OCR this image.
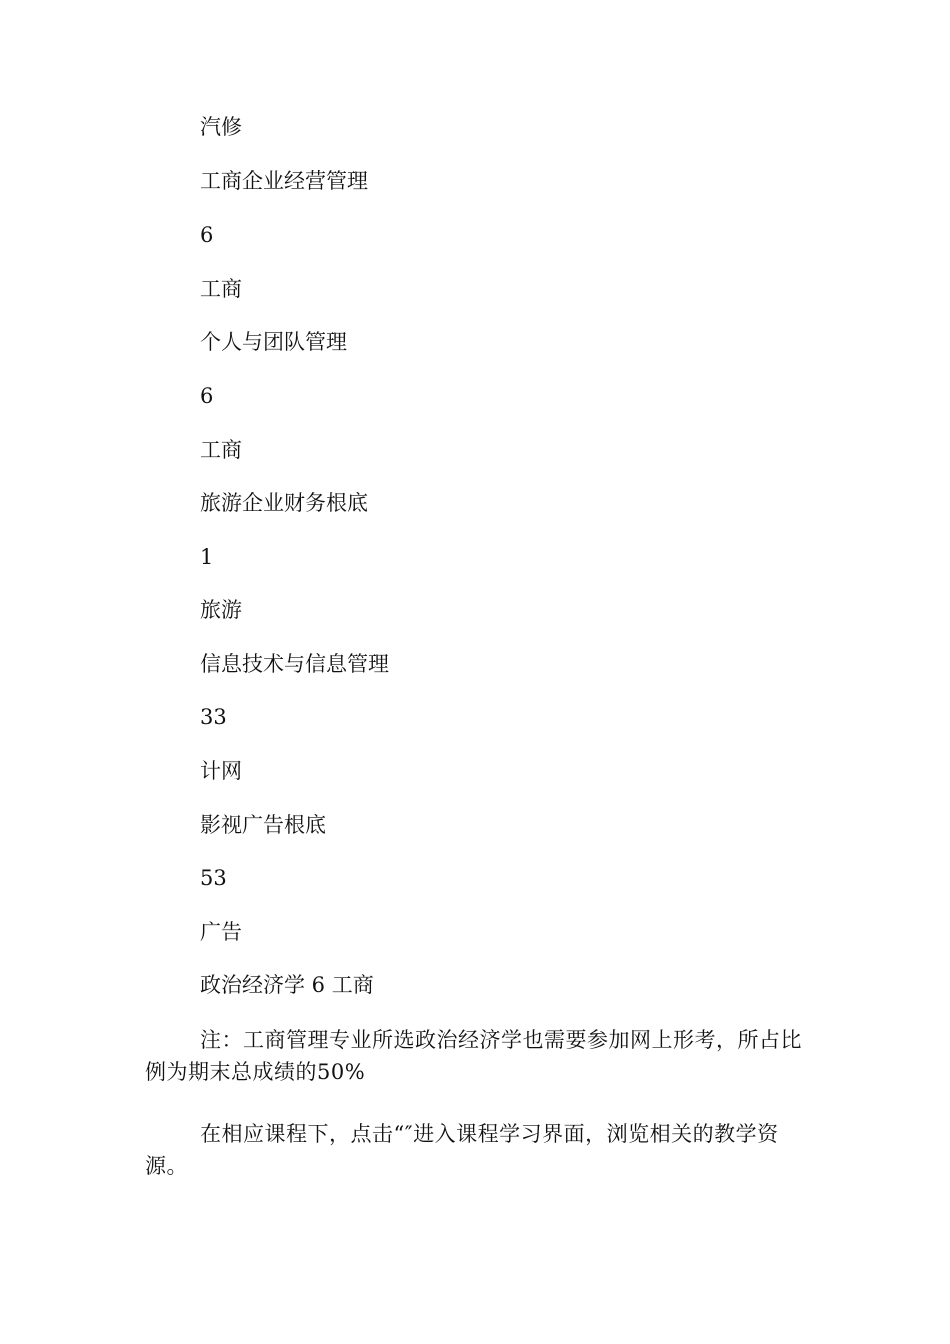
汽修
工商企业经营管理
6
工商
个人与团队管理
6
工商
旅游企业财务根底
1
旅游
信息技术与信息管理
33
计网
影视广告根底
53
广告
政治经济学 6 工商
注：工商管理专业所选政治经济学也需要参加网上形考，所占比例为期末总成绩的50%
在相应课程下，点击“″进入课程学习界面，浏览相关的教学资源。
